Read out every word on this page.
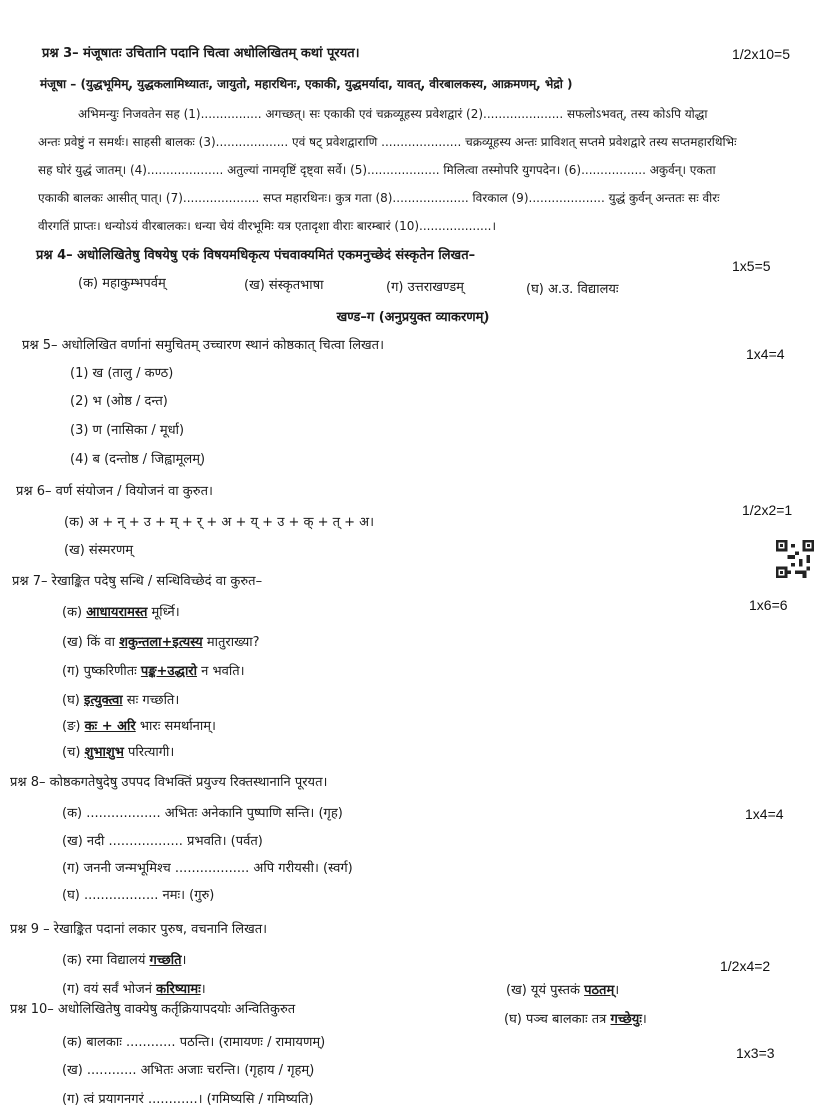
प्रश्न 3– मंजूषातः उचितानि पदानि चित्वा अधोलिखितम् कथां पूरयत।	1/2x10=5
मंजूषा – (युद्धभूमिम्, युद्धकलामिथ्यातः, जायुतो, महारथिनः, एकाकी, युद्धमर्यादा, यावत्, वीरबालकस्य, आक्रमणम्, भेद्रो )
अभिमन्युः निजवतेन सह (1)................ अगच्छत्। सः एकाकी एवं चक्रव्यूहस्य प्रवेशद्वारं (2)..................... सफलोऽभवत्, तस्य कोऽपि योद्धा
अन्तः प्रवेष्टुं न समर्थः। साहसी बालकः (3)................... एवं षट् प्रवेशद्वाराणि ..................... चक्रव्यूहस्य अन्तः प्राविशत् सप्तमे प्रवेशद्वारे तस्य सप्तमहारथिभिः
सह घोरं युद्धं जातम्। (4).................... अतुल्यां नामवृष्टिं दृष्ट्वा सर्वे। (5)................... मिलित्वा तस्मोपरि युगपदेन। (6)................. अकुर्वन्। एकता
एकाकी बालकः आसीत् पात्। (7).................... सप्त महारथिनः। कुत्र गता (8).................... विरकाल (9).................... युद्धं कुर्वन् अन्ततः सः वीरः
वीरगतिं प्राप्तः। धन्योऽयं वीरबालकः। धन्या चेयं वीरभूमिः यत्र एतादृशा वीराः बारम्बारं (10)...................।
प्रश्न 4– अधोलिखितेषु विषयेषु एकं विषयमधिकृत्य पंचवाक्यमितं एकमनुच्छेदं संस्कृतेन लिखत–
1x5=5
(क) महाकुम्भपर्वम्	(ख) संस्कृतभाषा	(ग) उत्तराखण्डम्	(घ) अ.उ. विद्यालयः
खण्ड–ग (अनुप्रयुक्त व्याकरणम्)
प्रश्न 5– अधोलिखित वर्णानां समुचितम् उच्चारण स्थानं कोष्ठकात् चित्वा लिखत।
1x4=4
(1) ख (तालु / कण्ठ)
(2) भ (ओष्ठ / दन्त)
(3) ण (नासिका / मूर्धा)
(4) ब (दन्तोष्ठ / जिह्वामूलम्)
प्रश्न 6– वर्ण संयोजन / वियोजनं वा कुरुत।
1/2x2=1
(क) अ + न् + उ + म् + र् + अ + य् + उ + क् + त् + अ।
(ख) संस्मरणम्
प्रश्न 7– रेखाङ्कित पदेषु सन्धि / सन्धिविच्छेदं वा कुरुत–
1x6=6
(क) आधायरामस्त मूर्ध्नि।
(ख) किं वा शकुन्तला+इत्यस्य मातुराख्या?
(ग) पुष्करिणीतः पङ्क+उद्धारो न भवति।
(घ) इत्युक्त्वा सः गच्छति।
(ङ) कः + अरि भारः समर्थानाम्।
(च) शुभाशुभ परित्यागी।
प्रश्न 8– कोष्ठकगतेषुदेषु उपपद विभक्तिं प्रयुज्य रिक्तस्थानानि पूरयत।
1x4=4
(क) .................. अभितः अनेकानि पुष्पाणि सन्ति। (गृह)
(ख) नदी .................. प्रभवति। (पर्वत)
(ग) जननी जन्मभूमिश्च .................. अपि गरीयसी। (स्वर्ग)
(घ) .................. नमः। (गुरु)
प्रश्न 9 – रेखाङ्कित पदानां लकार पुरुष, वचनानि लिखत।
1/2x4=2
(क) रमा विद्यालयं गच्छति।
(ग) वयं सर्वं भोजनं करिष्यामः।	(ख) यूयं पुस्तकं पठतम्।
(घ) पञ्च बालकाः तत्र गच्छेयुः।
प्रश्न 10– अधोलिखितेषु वाक्येषु कर्तृक्रियापदयोः अन्वितिकुरुत
1x3=3
(क) बालकाः ............ पठन्ति। (रामायणः / रामायणम्)
(ख) ............ अभितः अजाः चरन्ति। (गृहाय / गृहम्)
(ग) त्वं प्रयागनगरं ............। (गमिष्यसि / गमिष्यति)
